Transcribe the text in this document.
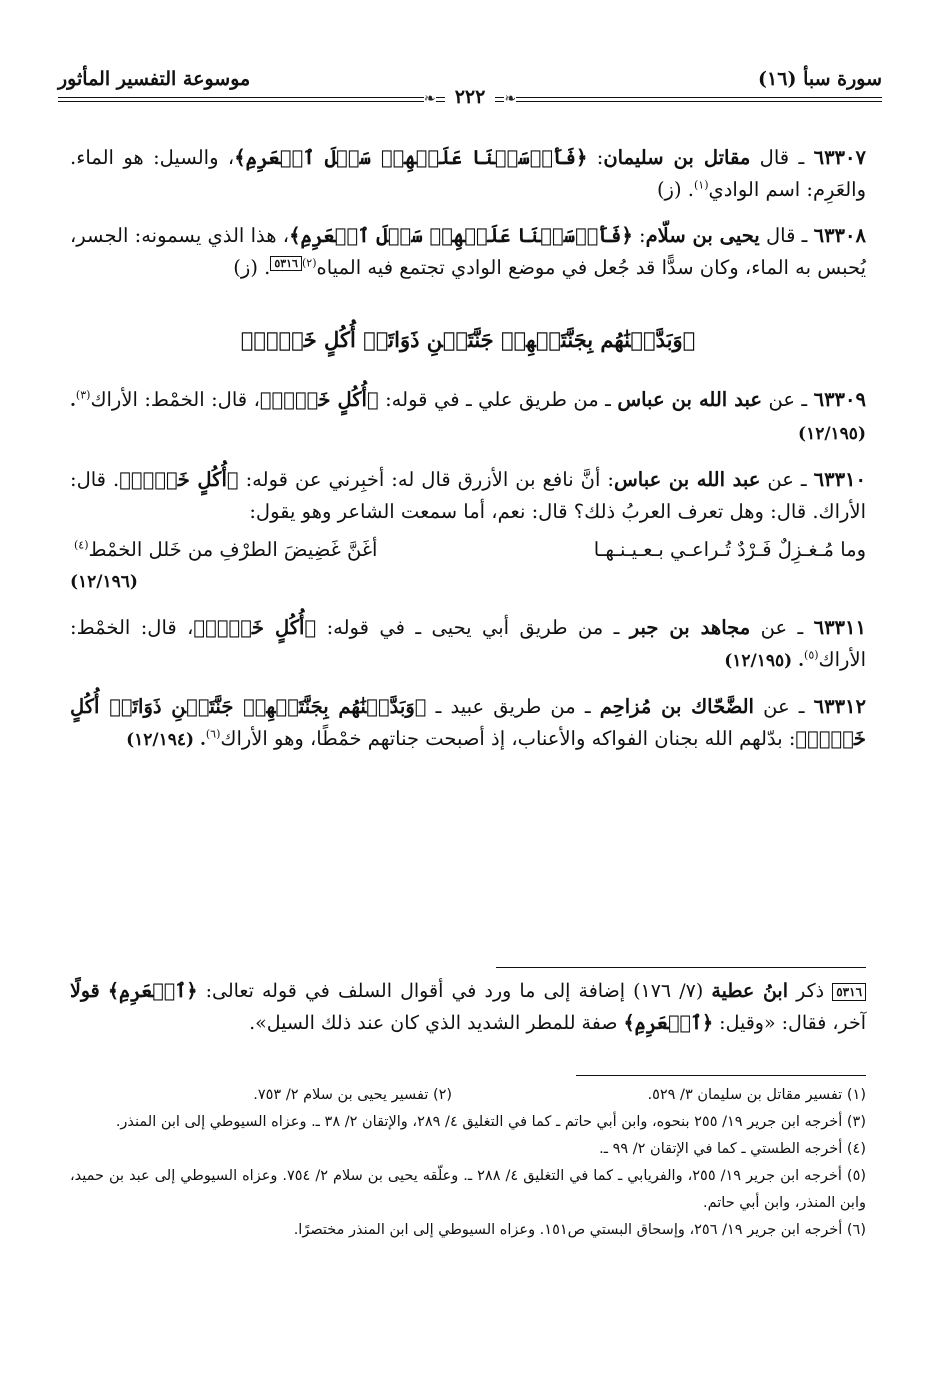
سورة سبأ (١٦)
❧ ٢٢٢ ❧
موسوعة التفسير المأثور

٦٣٣٠٧ ـ قال مقاتل بن سليمان: ﴿فَأَرۡسَلۡنَا عَلَيۡهِمۡ سَيۡلَ ٱلۡعَرِمِ﴾، والسيل: هو الماء. والعَرِم: اسم الوادي$^{(١)}$. (ز)

٦٣٣٠٨ ـ قال يحيى بن سلّام: ﴿فَأَرۡسَلۡنَا عَلَيۡهِمۡ سَيۡلَ ٱلۡعَرِمِ﴾، هذا الذي يسمونه: الجسر، يُحبس به الماء، وكان سدًّا قد جُعل في موضع الوادي تجتمع فيه المياه$^{(٢)}$٥٣١٦. (ز)

﴿وَبَدَّلۡنَٰهُم بِجَنَّتَيۡهِمۡ جَنَّتَيۡنِ ذَوَاتَيۡ أُكُلٍ خَمۡطٖ﴾

٦٣٣٠٩ ـ عن عبد الله بن عباس ـ من طريق علي ـ في قوله: ﴿أُكُلٍ خَمۡطٖ﴾، قال: الخمْط: الأراك$^{(٣)}$. (١٢/١٩٥)

٦٣٣١٠ ـ عن عبد الله بن عباس: أنَّ نافع بن الأزرق قال له: أخبِرني عن قوله: ﴿أُكُلٍ خَمۡطٖ﴾. قال: الأراك. قال: وهل تعرف العربُ ذلك؟ قال: نعم، أما سمعت الشاعر وهو يقول:

وما مُـغـزِلٌ فَـرْدٌ تُـراعـي بـعـيـنـهـا
أغَنَّ غَضِيضَ الطرْفِ من خَلل الخمْط$^{(٤)}$
(١٢/١٩٦)

٦٣٣١١ ـ عن مجاهد بن جبر ـ من طريق أبي يحيى ـ في قوله: ﴿أُكُلٍ خَمۡطٖ﴾، قال: الخمْط: الأراك$^{(٥)}$. (١٢/١٩٥)

٦٣٣١٢ ـ عن الضَّحّاك بن مُزاحِم ـ من طريق عبيد ـ ﴿وَبَدَّلۡنَٰهُم بِجَنَّتَيۡهِمۡ جَنَّتَيۡنِ ذَوَاتَيۡ أُكُلٍ خَمۡطٖ﴾: بدّلهم الله بجنان الفواكه والأعناب، إذ أصبحت جناتهم خمْطًا، وهو الأراك$^{(٦)}$. (١٢/١٩٤)

٥٣١٦ ذكر ابنُ عطية (٧/ ١٧٦) إضافة إلى ما ورد في أقوال السلف في قوله تعالى: ﴿ٱلۡعَرِمِ﴾ قولًا آخر، فقال: «وقيل: ﴿ٱلۡعَرِمِ﴾ صفة للمطر الشديد الذي كان عند ذلك السيل».
(١) تفسير مقاتل بن سليمان ٣/ ٥٢٩.
(٢) تفسير يحيى بن سلام ٢/ ٧٥٣.
(٣) أخرجه ابن جرير ١٩/ ٢٥٥ بنحوه، وابن أبي حاتم ـ كما في التغليق ٤/ ٢٨٩، والإتقان ٢/ ٣٨ ـ. وعزاه السيوطي إلى ابن المنذر.
(٤) أخرجه الطستي ـ كما في الإتقان ٢/ ٩٩ ـ.
(٥) أخرجه ابن جرير ١٩/ ٢٥٥، والفريابي ـ كما في التغليق ٤/ ٢٨٨ ـ. وعلّقه يحيى بن سلام ٢/ ٧٥٤. وعزاه السيوطي إلى عبد بن حميد، وابن المنذر، وابن أبي حاتم.
(٦) أخرجه ابن جرير ١٩/ ٢٥٦، وإسحاق البستي ص١٥١. وعزاه السيوطي إلى ابن المنذر مختصرًا.
